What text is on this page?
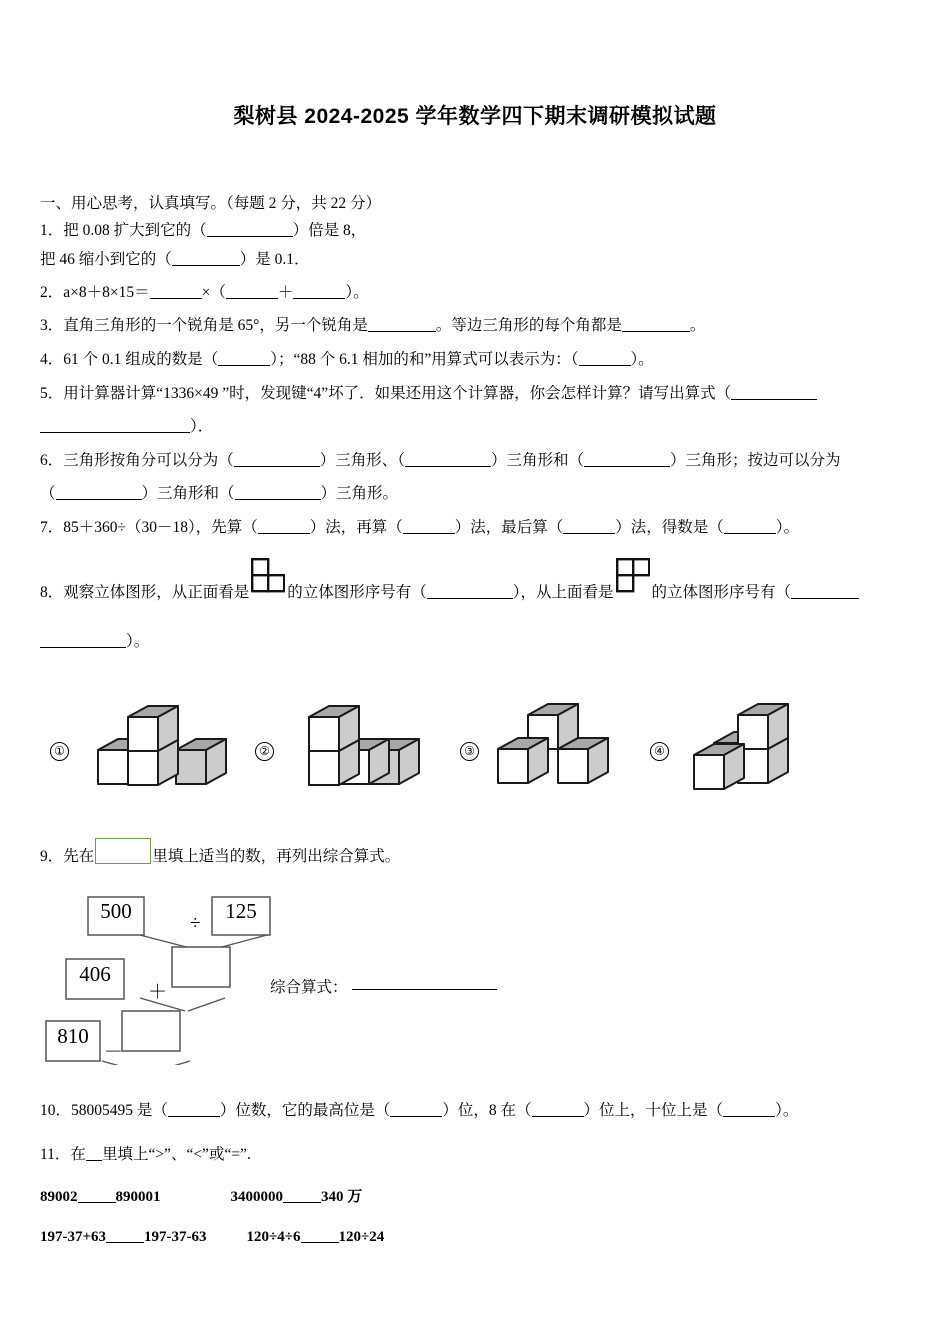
梨树县 2024-2025 学年数学四下期末调研模拟试题
一、用心思考，认真填写。（每题 2 分，共 22 分）
1．把 0.08 扩大到它的（	）倍是 8，
把 46 缩小到它的（	）是 0.1．
2．a×8＋8×15＝	×（	＋	）。
3．直角三角形的一个锐角是 65°，另一个锐角是	。等边三角形的每个角都是	。
4．61 个 0.1 组成的数是（	）；“88 个 6.1 相加的和”用算式可以表示为：（	）。
5．用计算器计算“1336×49 ”时，发现键“4”坏了．如果还用这个计算器，你会怎样计算？请写出算式（
）．
6．三角形按角分可以分为（	）三角形、（	）三角形和（	）三角形；按边可以分为
（	）三角形和（	）三角形。
7．85＋360÷（30－18），先算（	）法，再算（	）法，最后算（	）法，得数是（	）。
8．观察立体图形，从正面看是 的立体图形序号有（	），从上面看是 的立体图形序号有（
）。
①	②	③	④
9．先在	里填上适当的数，再列出综合算式。
500	125
406
810
÷
＋
－
综合算式：
10．58005495 是（	）位数，它的最高位是（	）位，8 在（	）位上，十位上是（	）。
11．在 里填上“>”、“<”或“=”.
89002	890001	3400000	340 万
197-37+63	197-37-63	120÷4÷6	120÷24
